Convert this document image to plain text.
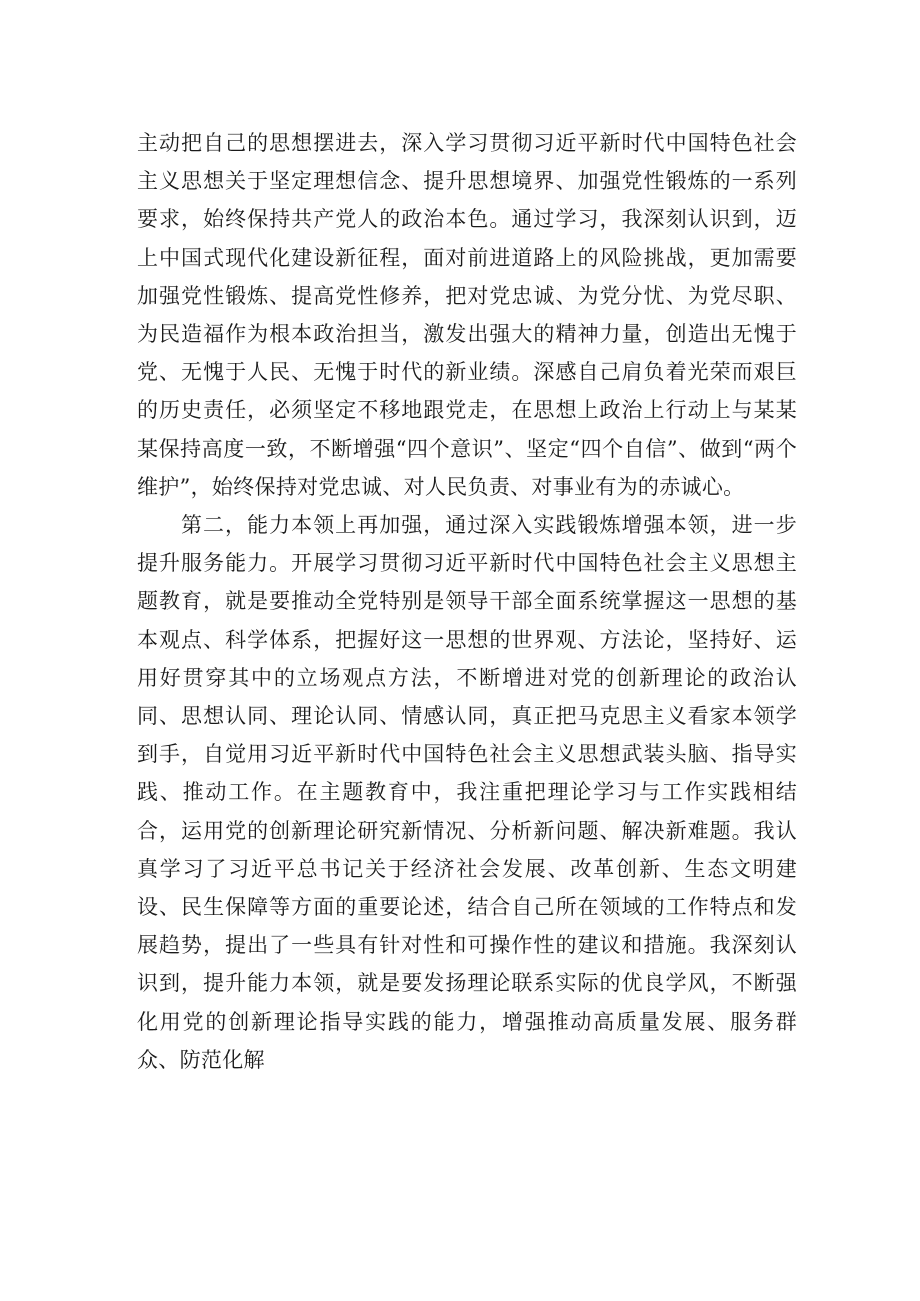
主动把自己的思想摆进去，深入学习贯彻习近平新时代中国特色社会主义思想关于坚定理想信念、提升思想境界、加强党性锻炼的一系列要求，始终保持共产党人的政治本色。通过学习，我深刻认识到，迈上中国式现代化建设新征程，面对前进道路上的风险挑战，更加需要加强党性锻炼、提高党性修养，把对党忠诚、为党分忧、为党尽职、为民造福作为根本政治担当，激发出强大的精神力量，创造出无愧于党、无愧于人民、无愧于时代的新业绩。深感自己肩负着光荣而艰巨的历史责任，必须坚定不移地跟党走，在思想上政治上行动上与某某某保持高度一致，不断增强“四个意识”、坚定“四个自信”、做到“两个维护”，始终保持对党忠诚、对人民负责、对事业有为的赤诚心。

第二，能力本领上再加强，通过深入实践锻炼增强本领，进一步提升服务能力。开展学习贯彻习近平新时代中国特色社会主义思想主题教育，就是要推动全党特别是领导干部全面系统掌握这一思想的基本观点、科学体系，把握好这一思想的世界观、方法论，坚持好、运用好贯穿其中的立场观点方法，不断增进对党的创新理论的政治认同、思想认同、理论认同、情感认同，真正把马克思主义看家本领学到手，自觉用习近平新时代中国特色社会主义思想武装头脑、指导实践、推动工作。在主题教育中，我注重把理论学习与工作实践相结合，运用党的创新理论研究新情况、分析新问题、解决新难题。我认真学习了习近平总书记关于经济社会发展、改革创新、生态文明建设、民生保障等方面的重要论述，结合自己所在领域的工作特点和发展趋势，提出了一些具有针对性和可操作性的建议和措施。我深刻认识到，提升能力本领，就是要发扬理论联系实际的优良学风，不断强化用党的创新理论指导实践的能力，增强推动高质量发展、服务群众、防范化解
